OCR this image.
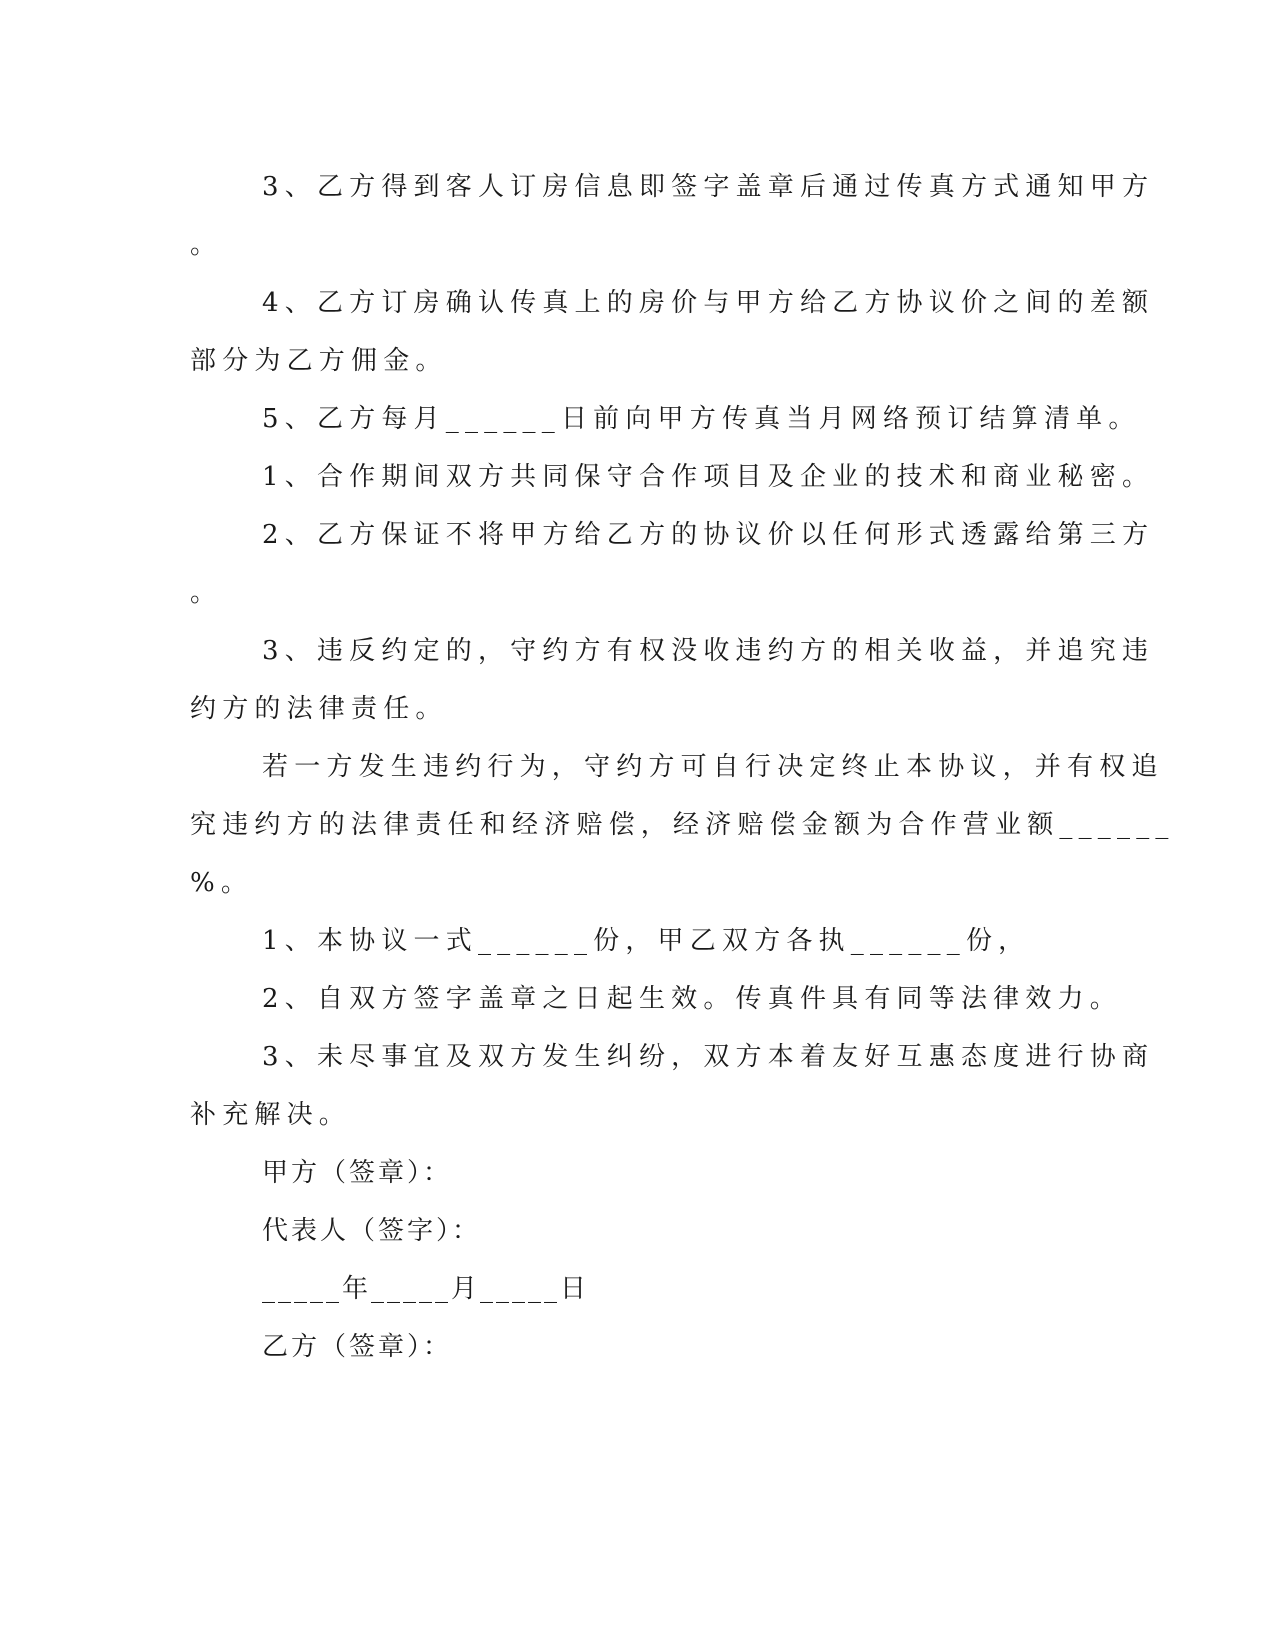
3、乙方得到客人订房信息即签字盖章后通过传真方式通知甲方
。
4、乙方订房确认传真上的房价与甲方给乙方协议价之间的差额
部分为乙方佣金。
5、乙方每月______日前向甲方传真当月网络预订结算清单。
1、合作期间双方共同保守合作项目及企业的技术和商业秘密。
2、乙方保证不将甲方给乙方的协议价以任何形式透露给第三方
。
3、违反约定的，守约方有权没收违约方的相关收益，并追究违
约方的法律责任。
若一方发生违约行为，守约方可自行决定终止本协议，并有权追
究违约方的法律责任和经济赔偿，经济赔偿金额为合作营业额______
%。
1、本协议一式______份，甲乙双方各执______份，
2、自双方签字盖章之日起生效。传真件具有同等法律效力。
3、未尽事宜及双方发生纠纷，双方本着友好互惠态度进行协商
补充解决。
甲方（签章）：
代表人（签字）：
_____年_____月_____日
乙方（签章）：
